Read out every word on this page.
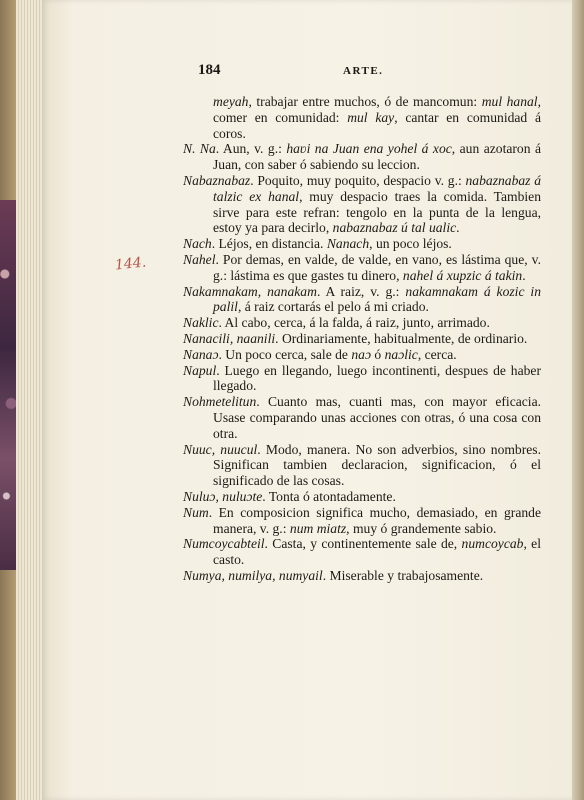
184	ARTE.
144.

meyah, trabajar entre muchos, ó de mancomun: mul hanal, comer en comunidad: mul kay, cantar en comunidad á coros.

N. Na. Aun, v. g.: haʋi na Juan ena yohel á xoc, aun azotaron á Juan, con saber ó sabiendo su leccion.

Nabaznabaz. Poquito, muy poquito, despacio v. g.: nabaznabaz á talzic ex hanal, muy despacio traes la comida. Tambien sirve para este refran: tengolo en la punta de la lengua, estoy ya para decirlo, nabaznabaz ú tal ualic.

Nach. Léjos, en distancia. Nanach, un poco léjos.

Nahel. Por demas, en valde, de valde, en vano, es lástima que, v. g.: lástima es que gastes tu dinero, nahel á xupzic á takin.

Nakamnakam, nanakam. A raiz, v. g.: nakamnakam á kozic in palil, á raiz cortarás el pelo á mi criado.

Naklic. Al cabo, cerca, á la falda, á raiz, junto, arrimado.

Nanacili, naanili. Ordinariamente, habitualmente, de ordinario.

Nanaɔ. Un poco cerca, sale de naɔ ó naɔlic, cerca.

Napul. Luego en llegando, luego incontinenti, despues de haber llegado.

Nohmetelitun. Cuanto mas, cuanti mas, con mayor eficacia. Usase comparando unas acciones con otras, ó una cosa con otra.

Nuuc, nuucul. Modo, manera. No son adverbios, sino nombres. Significan tambien declaracion, significacion, ó el significado de las cosas.

Nuluɔ, nuluɔte. Tonta ó atontadamente.

Num. En composicion significa mucho, demasiado, en grande manera, v. g.: num miatz, muy ó grandemente sabio.

Numcoycabteil. Casta, y continentemente sale de, numcoycab, el casto.

Numya, numilya, numyail. Miserable y trabajosamente.
